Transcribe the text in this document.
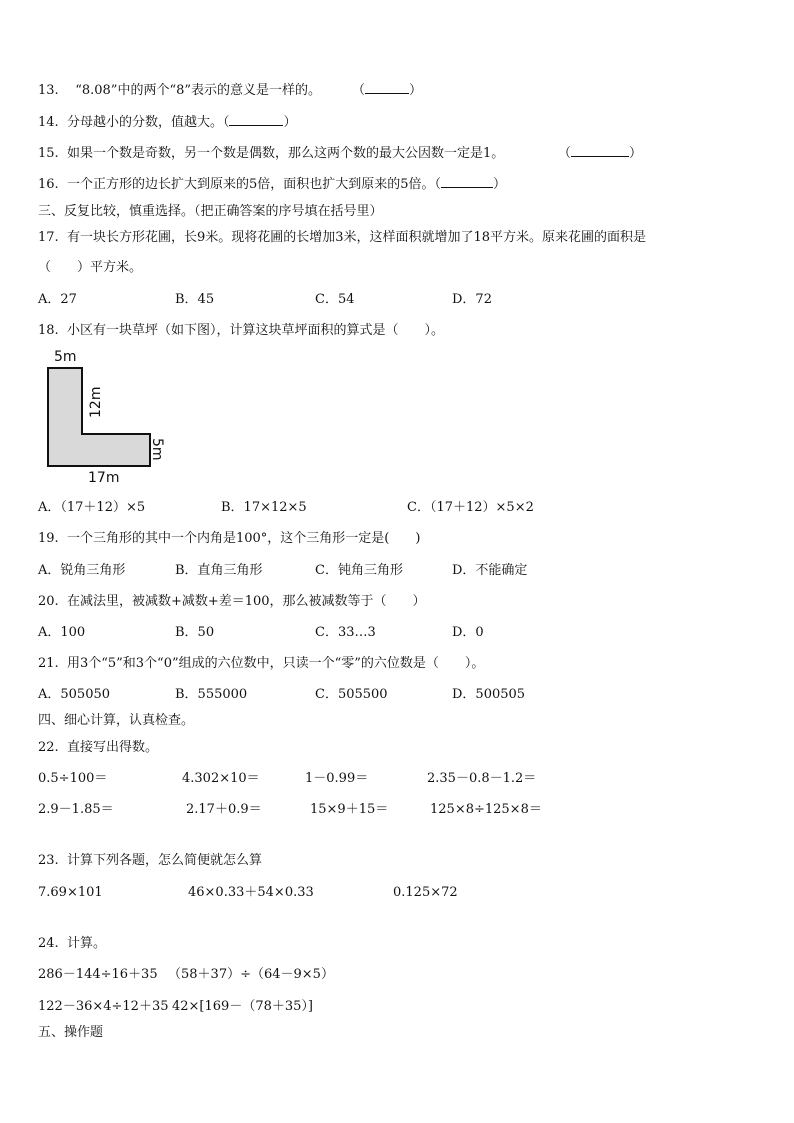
13. “8.08”中的两个“8”表示的意义是一样的。 （	）
14. 分母越小的分数，值越大。（	）
15. 如果一个数是奇数，另一个数是偶数，那么这两个数的最大公因数一定是1。	（	）
16. 一个正方形的边长扩大到原来的5倍，面积也扩大到原来的5倍。（	）
三、反复比较，慎重选择。（把正确答案的序号填在括号里）
17. 有一块长方形花圃，长9米。现将花圃的长增加3米，这样面积就增加了18平方米。原来花圃的面积是
（　　）平方米。
A．27	B．45	C．54	D．72
18. 小区有一块草坪（如下图），计算这块草坪面积的算式是（　　）。
5m
12m
5m
17m
A．（17＋12）×5	B．17×12×5	C．（17＋12）×5×2
19. 一个三角形的其中一个内角是100°，这个三角形一定是(　　)
A．锐角三角形	B．直角三角形	C．钝角三角形	D．不能确定
20. 在减法里，被减数+减数+差＝100，那么被减数等于（　　）
A．100	B．50	C．33…3	D．0
21. 用3个“5”和3个“0”组成的六位数中，只读一个“零”的六位数是（　　）。
A．505050	B．555000	C．505500	D．500505
四、细心计算，认真检查。
22. 直接写出得数。
0.5÷100＝	4.302×10＝	1－0.99＝	2.35－0.8－1.2＝
2.9－1.85＝	2.17＋0.9＝	15×9＋15＝	125×8÷125×8＝
23. 计算下列各题，怎么简便就怎么算
7.69×101	46×0.33＋54×0.33	0.125×72
24. 计算。
286－144÷16＋35 （58＋37）÷（64－9×5）
122－36×4÷12＋35 42×[169－（78＋35）]
五、操作题
